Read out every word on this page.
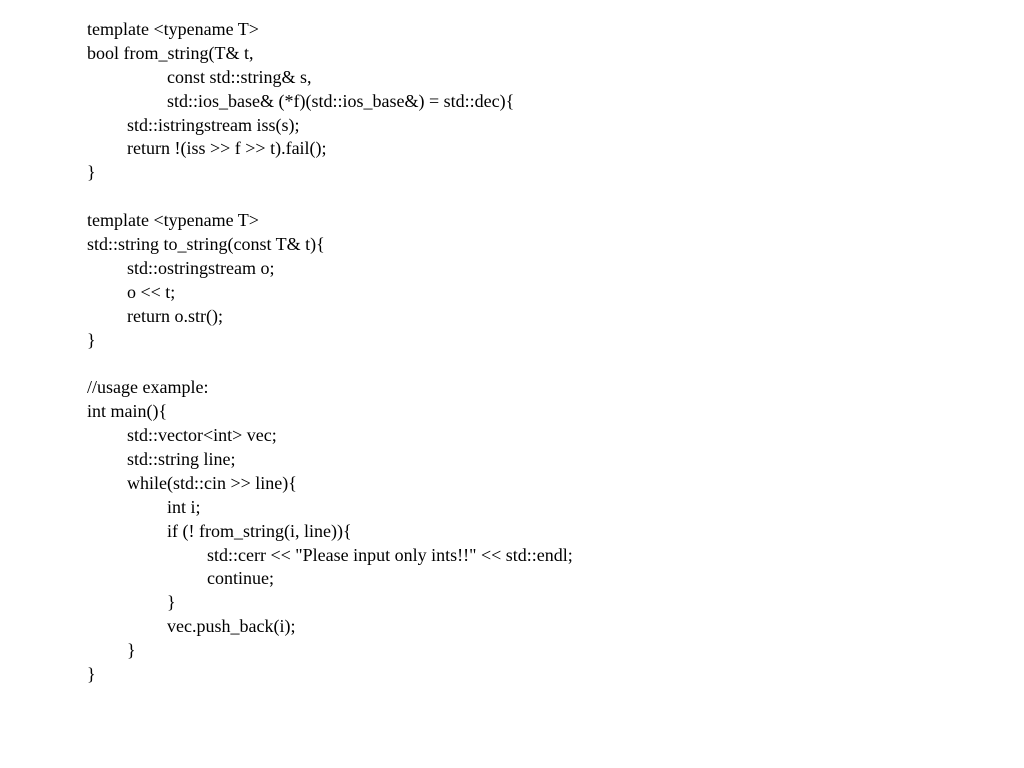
template <typename T>
bool from_string(T& t,
const std::string& s,
std::ios_base& (*f)(std::ios_base&) = std::dec){
std::istringstream iss(s);
return !(iss >> f >> t).fail();
}
template <typename T>
std::string to_string(const T& t){
std::ostringstream o;
o << t;
return o.str();
}
//usage example:
int main(){
std::vector<int> vec;
std::string line;
while(std::cin >> line){
int i;
if (! from_string(i, line)){
std::cerr << "Please input only ints!!" << std::endl;
continue;
}
vec.push_back(i);
}
}
